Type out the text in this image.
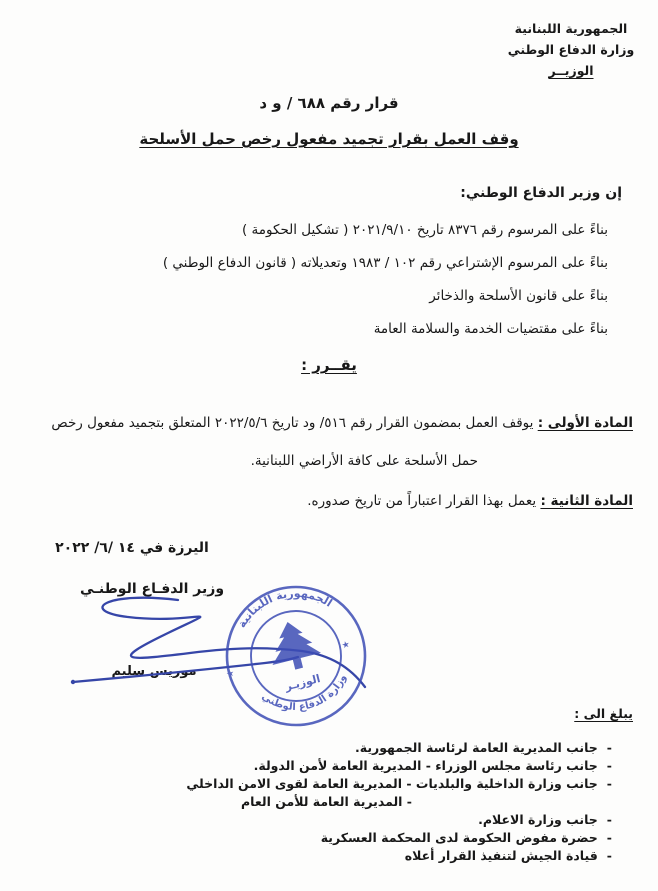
الجمهورية اللبنانية
وزارة الدفاع الوطني
الوزيــر
قرار رقم ٦٨٨ / و د
وقف العمل بقرار تجميد مفعول رخص حمل الأسلحة
إن وزير الدفاع الوطني:
بناءً على المرسوم رقم ٨٣٧٦ تاريخ ٢٠٢١/٩/١٠ ( تشكيل الحكومة )
بناءً على المرسوم الإشتراعي رقم ١٠٢ / ١٩٨٣ وتعديلاته ( قانون الدفاع الوطني )
بناءً على قانون الأسلحة والذخائر
بناءً على مقتضيات الخدمة والسلامة العامة
يقــرر :
المادة الأولى : يوقف العمل بمضمون القرار رقم ٥١٦/ ود تاريخ ٢٠٢٢/٥/٦ المتعلق بتجميد مفعول رخص حمل الأسلحة على كافة الأراضي اللبنانية.
المادة الثانية : يعمل بهذا القرار اعتباراً من تاريخ صدوره.
اليرزة في ١٤ /٦/ ٢٠٢٢
وزير الدفـاع الوطنـي
موريس سليم
الجمهورية اللبنانية
وزارة الدفاع الوطني
★
★
الوزيـر
يبلغ الى :
-
جانب المديرية العامة لرئاسة الجمهورية.
-
جانب رئاسة مجلس الوزراء - المديرية العامة لأمن الدولة.
-
جانب وزارة الداخلية والبلديات - المديرية العامة لقوى الامن الداخلي
- المديرية العامة للأمن العام
-
جانب وزارة الاعلام.
-
حضرة مفوض الحكومة لدى المحكمة العسكرية
-
قيادة الجيش لتنفيذ القرار أعلاه
